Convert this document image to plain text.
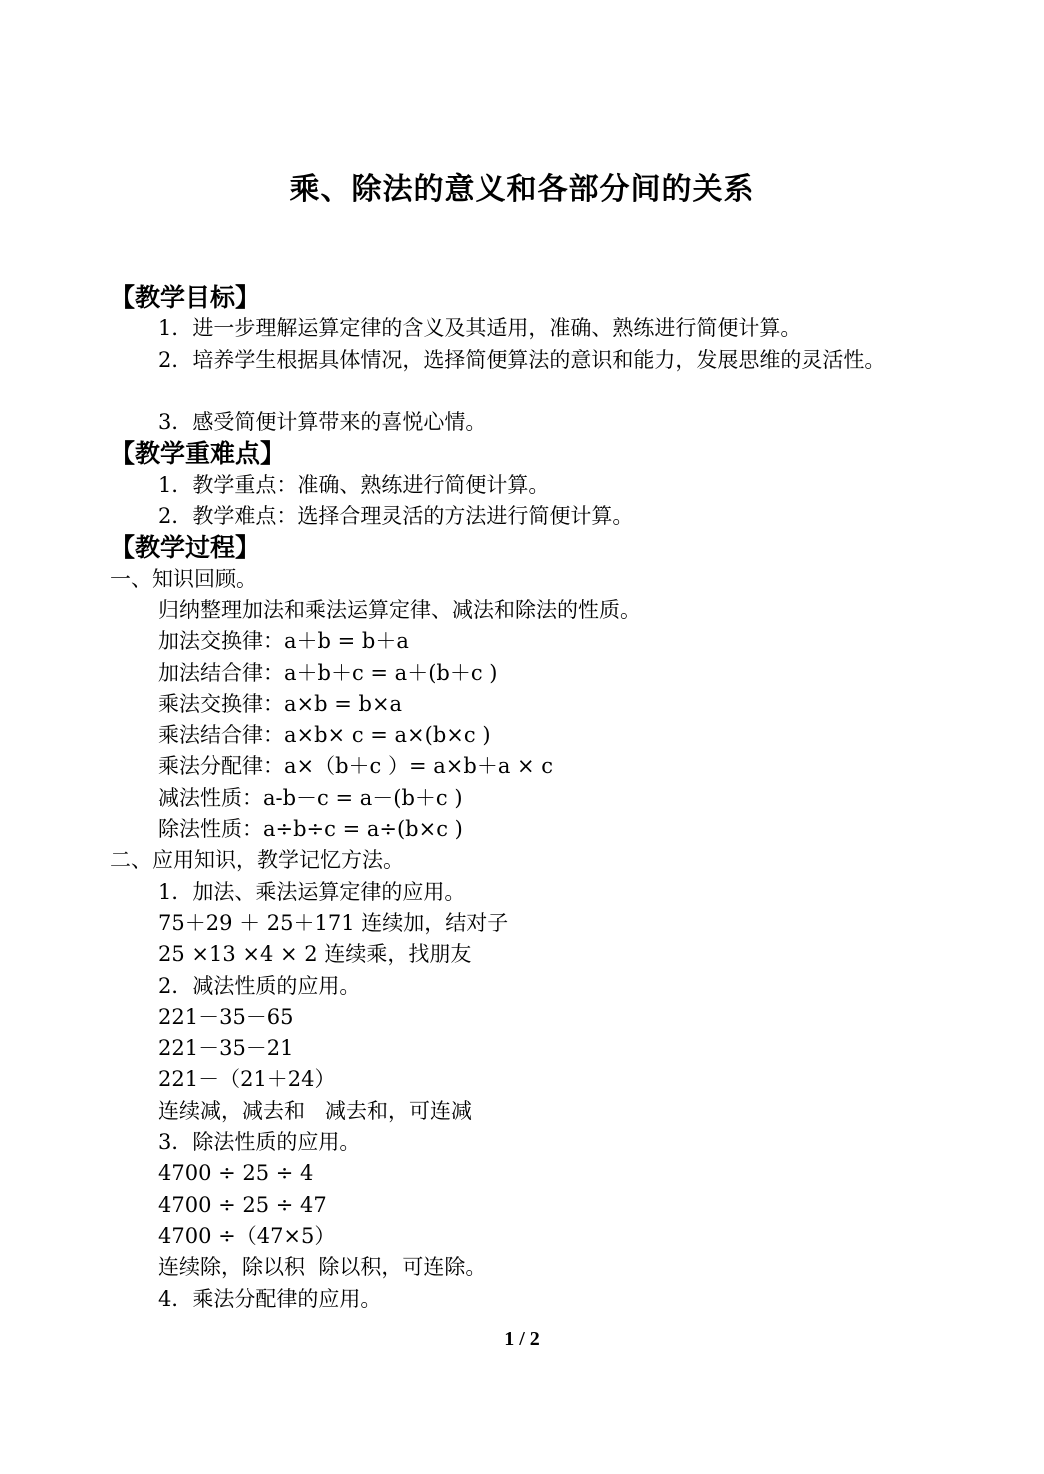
乘、除法的意义和各部分间的关系
【教学目标】
1．进一步理解运算定律的含义及其适用，准确、熟练进行简便计算。
2．培养学生根据具体情况，选择简便算法的意识和能力，发展思维的灵活性。
3．感受简便计算带来的喜悦心情。
【教学重难点】
1．教学重点：准确、熟练进行简便计算。
2．教学难点：选择合理灵活的方法进行简便计算。
【教学过程】
一、知识回顾。
归纳整理加法和乘法运算定律、减法和除法的性质。
加法交换律：a＋b = b＋a
加法结合律：a＋b＋c = a＋(b＋c )
乘法交换律：a×b = b×a
乘法结合律：a×b× c = a×(b×c )
乘法分配律：a×（b＋c ）= a×b＋a × c
减法性质：a-b－c = a－(b＋c )
除法性质：a÷b÷c = a÷(b×c )
二、应用知识，教学记忆方法。
1．加法、乘法运算定律的应用。
75＋29 ＋ 25＋171 连续加，结对子
25 ×13 ×4 × 2 连续乘，找朋友
2．减法性质的应用。
221－35－65
221－35－21
221－（21＋24）
连续减，减去和   减去和，可连减
3．除法性质的应用。
4700 ÷ 25 ÷ 4
4700 ÷ 25 ÷ 47
4700 ÷（47×5）
连续除，除以积  除以积，可连除。
4．乘法分配律的应用。
1 / 2
